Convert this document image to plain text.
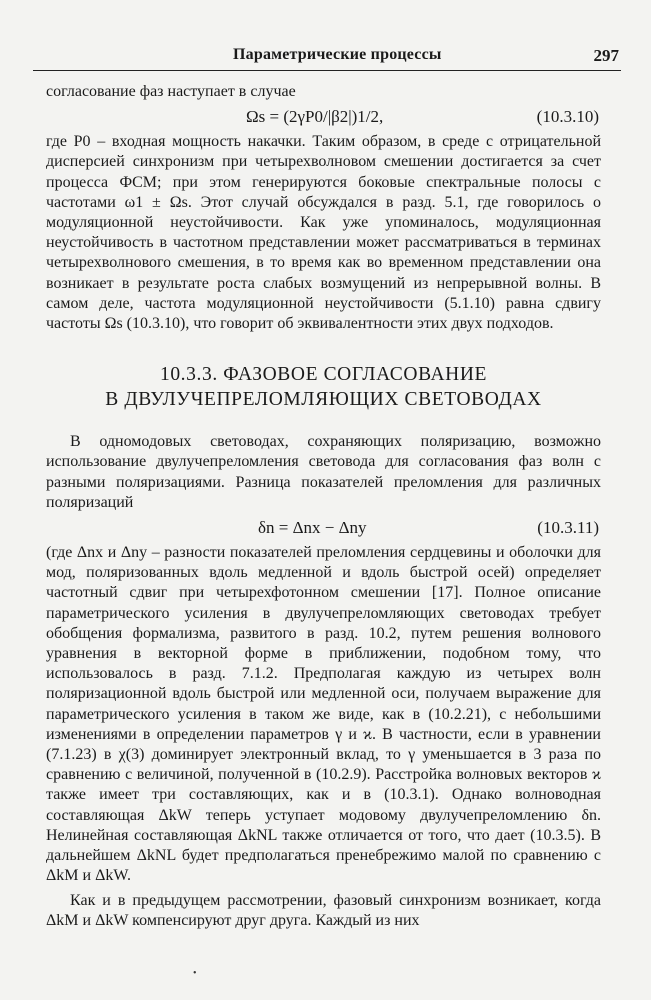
Параметрические процессы	297

согласование фаз наступает в случае

Ωs = (2γP0/|β2|)1/2,	(10.3.10)

где P0 – входная мощность накачки. Таким образом, в среде с отрицательной дисперсией синхронизм при четырехволновом смешении достигается за счет процесса ФСМ; при этом генерируются боковые спектральные полосы с частотами ω1 ± Ωs. Этот случай обсуждался в разд. 5.1, где говорилось о модуляционной неустойчивости. Как уже упоминалось, модуляционная неустойчивость в частотном представлении может рассматриваться в терминах четырехволнового смешения, в то время как во временном представлении она возникает в результате роста слабых возмущений из непрерывной волны. В самом деле, частота модуляционной неустойчивости (5.1.10) равна сдвигу частоты Ωs (10.3.10), что говорит об эквивалентности этих двух подходов.

10.3.3. ФАЗОВОЕ СОГЛАСОВАНИЕ
В ДВУЛУЧЕПРЕЛОМЛЯЮЩИХ СВЕТОВОДАХ

В одномодовых световодах, сохраняющих поляризацию, возможно использование двулучепреломления световода для согласования фаз волн с разными поляризациями. Разница показателей преломления для различных поляризаций

δn = Δnx − Δny	(10.3.11)

(где Δnx и Δny – разности показателей преломления сердцевины и оболочки для мод, поляризованных вдоль медленной и вдоль быстрой осей) определяет частотный сдвиг при четырехфотонном смешении [17]. Полное описание параметрического усиления в двулучепреломляющих световодах требует обобщения формализма, развитого в разд. 10.2, путем решения волнового уравнения в векторной форме в приближении, подобном тому, что использовалось в разд. 7.1.2. Предполагая каждую из четырех волн поляризационной вдоль быстрой или медленной оси, получаем выражение для параметрического усиления в таком же виде, как в (10.2.21), с небольшими изменениями в определении параметров γ и ϰ. В частности, если в уравнении (7.1.23) в χ(3) доминирует электронный вклад, то γ уменьшается в 3 раза по сравнению с величиной, полученной в (10.2.9). Расстройка волновых векторов ϰ также имеет три составляющих, как и в (10.3.1). Однако волноводная составляющая ΔkW теперь уступает модовому двулучепреломлению δn. Нелинейная составляющая ΔkNL также отличается от того, что дает (10.3.5). В дальнейшем ΔkNL будет предполагаться пренебрежимо малой по сравнению с ΔkM и ΔkW.

Как и в предыдущем рассмотрении, фазовый синхронизм возникает, когда ΔkM и ΔkW компенсируют друг друга. Каждый из них

•
